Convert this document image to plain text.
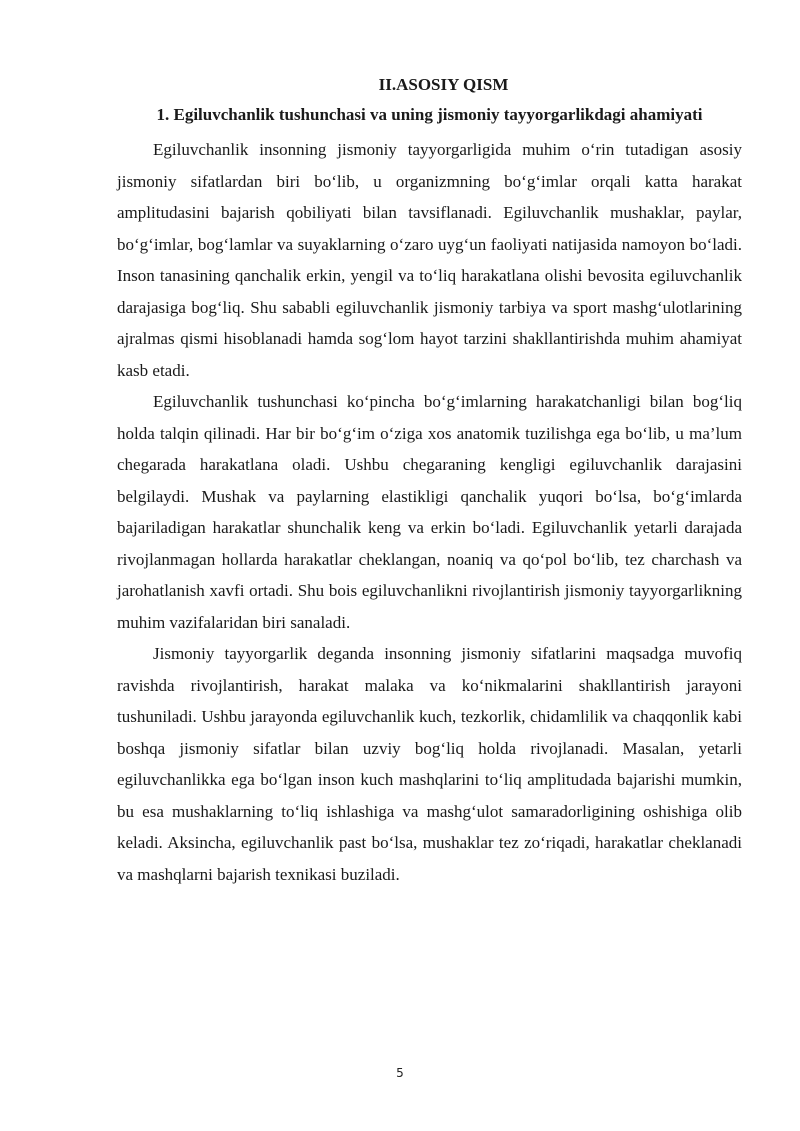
II.ASOSIY QISM
1. Egiluvchanlik tushunchasi va uning jismoniy tayyorgarlikdagi ahamiyati

Egiluvchanlik insonning jismoniy tayyorgarligida muhim o‘rin tutadigan asosiy jismoniy sifatlardan biri bo‘lib, u organizmning bo‘g‘imlar orqali katta harakat amplitudasini bajarish qobiliyati bilan tavsiflanadi. Egiluvchanlik mushaklar, paylar, bo‘g‘imlar, bog‘lamlar va suyaklarning o‘zaro uyg‘un faoliyati natijasida namoyon bo‘ladi. Inson tanasining qanchalik erkin, yengil va to‘liq harakatlana olishi bevosita egiluvchanlik darajasiga bog‘liq. Shu sababli egiluvchanlik jismoniy tarbiya va sport mashg‘ulotlarining ajralmas qismi hisoblanadi hamda sog‘lom hayot tarzini shakllantirishda muhim ahamiyat kasb etadi.

Egiluvchanlik tushunchasi ko‘pincha bo‘g‘imlarning harakatchanligi bilan bog‘liq holda talqin qilinadi. Har bir bo‘g‘im o‘ziga xos anatomik tuzilishga ega bo‘lib, u ma’lum chegarada harakatlana oladi. Ushbu chegaraning kengligi egiluvchanlik darajasini belgilaydi. Mushak va paylarning elastikligi qanchalik yuqori bo‘lsa, bo‘g‘imlarda bajariladigan harakatlar shunchalik keng va erkin bo‘ladi. Egiluvchanlik yetarli darajada rivojlanmagan hollarda harakatlar cheklangan, noaniq va qo‘pol bo‘lib, tez charchash va jarohatlanish xavfi ortadi. Shu bois egiluvchanlikni rivojlantirish jismoniy tayyorgarlikning muhim vazifalaridan biri sanaladi.

Jismoniy tayyorgarlik deganda insonning jismoniy sifatlarini maqsadga muvofiq ravishda rivojlantirish, harakat malaka va ko‘nikmalarini shakllantirish jarayoni tushuniladi. Ushbu jarayonda egiluvchanlik kuch, tezkorlik, chidamlilik va chaqqonlik kabi boshqa jismoniy sifatlar bilan uzviy bog‘liq holda rivojlanadi. Masalan, yetarli egiluvchanlikka ega bo‘lgan inson kuch mashqlarini to‘liq amplitudada bajarishi mumkin, bu esa mushaklarning to‘liq ishlashiga va mashg‘ulot samaradorligining oshishiga olib keladi. Aksincha, egiluvchanlik past bo‘lsa, mushaklar tez zo‘riqadi, harakatlar cheklanadi va mashqlarni bajarish texnikasi buziladi.

5
